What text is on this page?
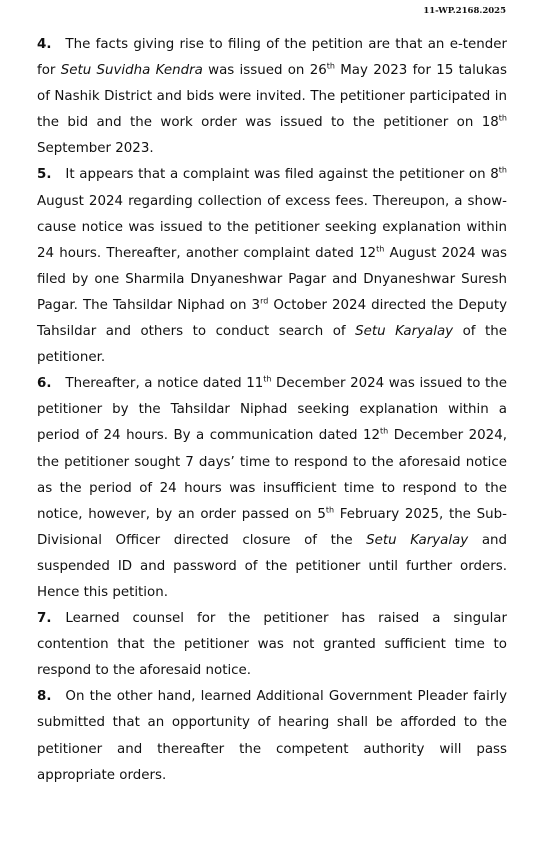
11-WP.2168.2025

4. The facts giving rise to filing of the petition are that an e-tender for Setu Suvidha Kendra was issued on 26th May 2023 for 15 talukas of Nashik District and bids were invited. The petitioner participated in the bid and the work order was issued to the petitioner on 18th September 2023.

5. It appears that a complaint was filed against the petitioner on 8th August 2024 regarding collection of excess fees. Thereupon, a show-cause notice was issued to the petitioner seeking explanation within 24 hours. Thereafter, another complaint dated 12th August 2024 was filed by one Sharmila Dnyaneshwar Pagar and Dnyaneshwar Suresh Pagar. The Tahsildar Niphad on 3rd October 2024 directed the Deputy Tahsildar and others to conduct search of Setu Karyalay of the petitioner.

6. Thereafter, a notice dated 11th December 2024 was issued to the petitioner by the Tahsildar Niphad seeking explanation within a period of 24 hours. By a communication dated 12th December 2024, the petitioner sought 7 days’ time to respond to the aforesaid notice as the period of 24 hours was insufficient time to respond to the notice, however, by an order passed on 5th February 2025, the Sub-Divisional Officer directed closure of the Setu Karyalay and suspended ID and password of the petitioner until further orders. Hence this petition.

7. Learned counsel for the petitioner has raised a singular contention that the petitioner was not granted sufficient time to respond to the aforesaid notice.

8. On the other hand, learned Additional Government Pleader fairly submitted that an opportunity of hearing shall be afforded to the petitioner and thereafter the competent authority will pass appropriate orders.
